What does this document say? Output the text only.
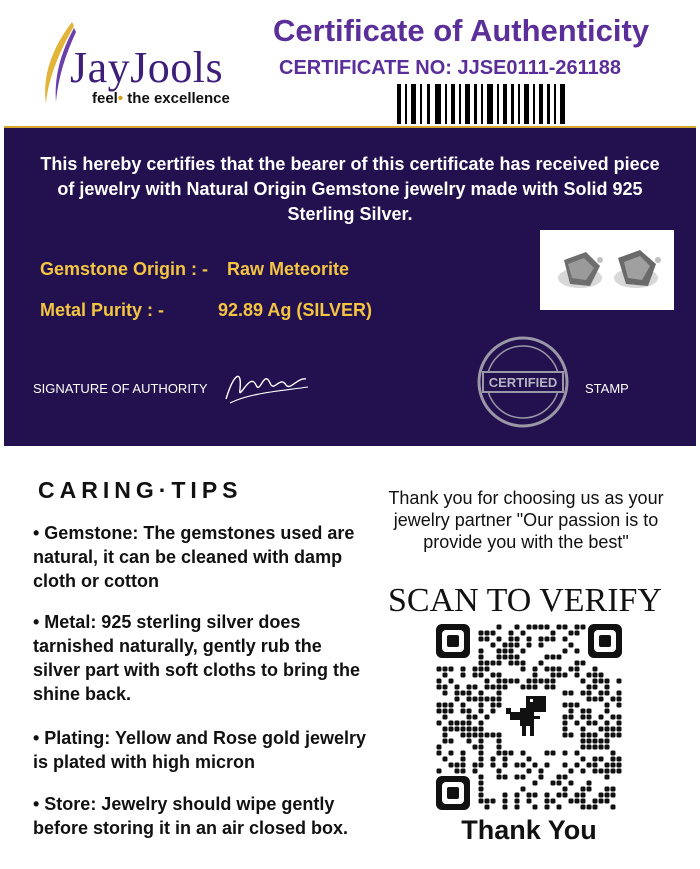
JayJools
feel• the excellence
Certificate of Authenticity
CERTIFICATE NO: JJSE0111-261188
This hereby certifies that the bearer of this certificate has received piece of jewelry with Natural Origin Gemstone jewelry made with Solid 925 Sterling Silver.
Gemstone Origin : - Raw Meteorite
Metal Purity : -	92.89 Ag (SILVER)
SIGNATURE OF AUTHORITY	CERTIFIED STAMP
CARING·TIPS
• Gemstone: The gemstones used are natural, it can be cleaned with damp cloth or cotton
• Metal: 925 sterling silver does tarnished naturally, gently rub the silver part with soft cloths to bring the shine back.
• Plating: Yellow and Rose gold jewelry is plated with high micron
• Store: Jewelry should wipe gently before storing it in an air closed box.
Thank you for choosing us as your jewelry partner "Our passion is to provide you with the best"
SCAN TO VERIFY
Thank You
